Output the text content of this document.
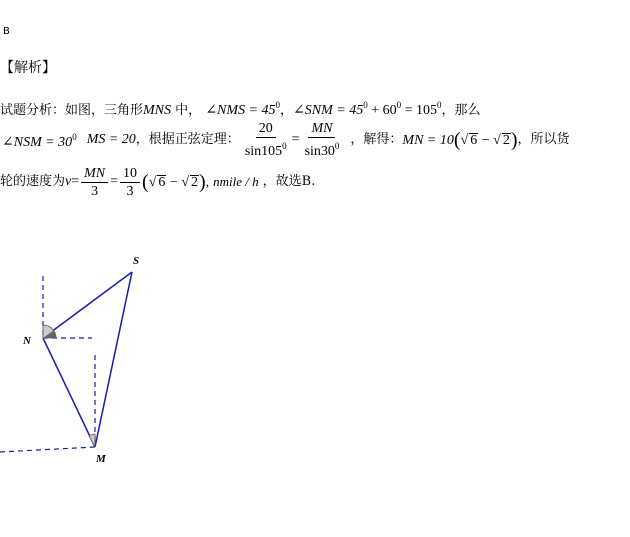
B
【解析】
试题分析：如图，三角形MNS 中， ∠NMS = $45^0$，∠SNM = $45^0 + 60^0 = 105^0$，那么
∠NSM = $30^0$ MS = 20 ，根据正弦定理： $\frac{20}{\sin 105^0} = \frac{MN}{\sin 30^0}$ ，解得： MN = 10(√ 6 − √ 2) ，所以货
轮的速度为 $v = \frac{MN}{3} = \frac{10}{3}$ (√ 6 − √ 2), nmile / h ，故选B.
S
N
M
